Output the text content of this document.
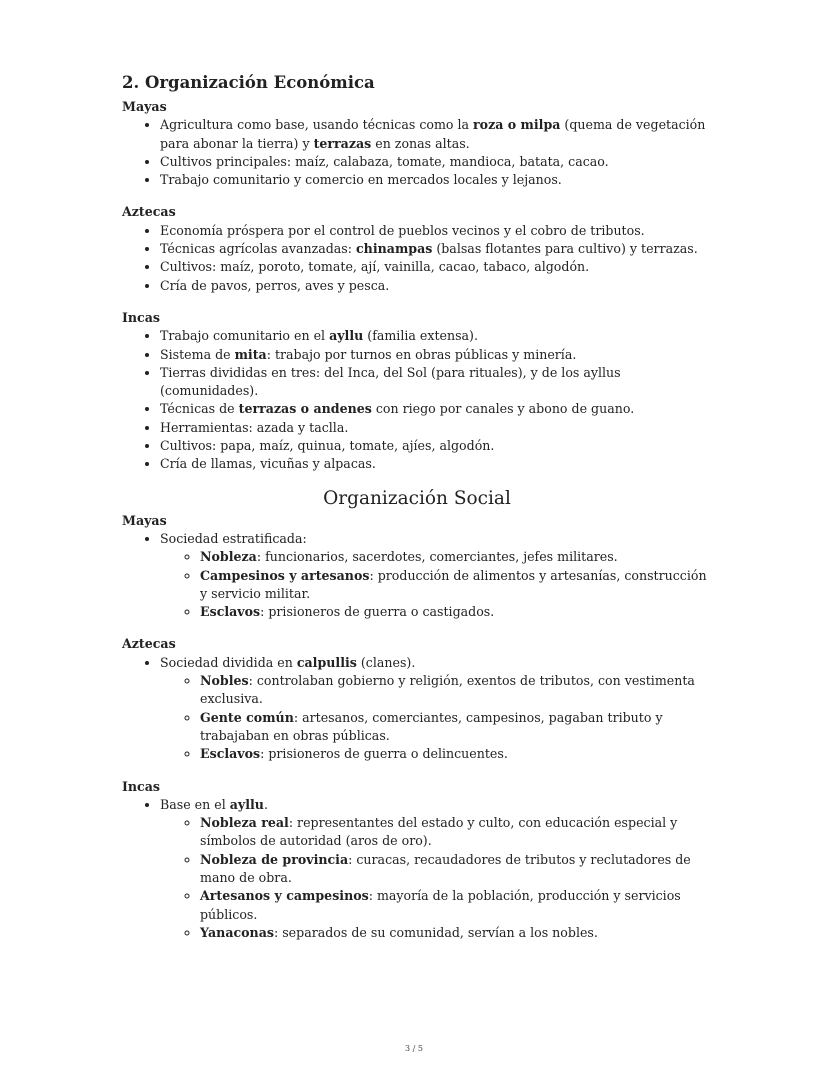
2. Organización Económica

Mayas

• Agricultura como base, usando técnicas como la roza o milpa (quema de vegetación para abonar la tierra) y terrazas en zonas altas.
• Cultivos principales: maíz, calabaza, tomate, mandioca, batata, cacao.
• Trabajo comunitario y comercio en mercados locales y lejanos.

Aztecas

• Economía próspera por el control de pueblos vecinos y el cobro de tributos.
• Técnicas agrícolas avanzadas: chinampas (balsas flotantes para cultivo) y terrazas.
• Cultivos: maíz, poroto, tomate, ají, vainilla, cacao, tabaco, algodón.
• Cría de pavos, perros, aves y pesca.

Incas

• Trabajo comunitario en el ayllu (familia extensa).
• Sistema de mita: trabajo por turnos en obras públicas y minería.
• Tierras divididas en tres: del Inca, del Sol (para rituales), y de los ayllus (comunidades).
• Técnicas de terrazas o andenes con riego por canales y abono de guano.
• Herramientas: azada y taclla.
• Cultivos: papa, maíz, quinua, tomate, ajíes, algodón.
• Cría de llamas, vicuñas y alpacas.
Organización Social

Mayas

• Sociedad estratificada:
◦ Nobleza: funcionarios, sacerdotes, comerciantes, jefes militares.
◦ Campesinos y artesanos: producción de alimentos y artesanías, construcción y servicio militar.
◦ Esclavos: prisioneros de guerra o castigados.

Aztecas

• Sociedad dividida en calpullis (clanes).
◦ Nobles: controlaban gobierno y religión, exentos de tributos, con vestimenta exclusiva.
◦ Gente común: artesanos, comerciantes, campesinos, pagaban tributo y trabajaban en obras públicas.
◦ Esclavos: prisioneros de guerra o delincuentes.

Incas

• Base en el ayllu.
◦ Nobleza real: representantes del estado y culto, con educación especial y símbolos de autoridad (aros de oro).
◦ Nobleza de provincia: curacas, recaudadores de tributos y reclutadores de mano de obra.
◦ Artesanos y campesinos: mayoría de la población, producción y servicios públicos.
◦ Yanaconas: separados de su comunidad, servían a los nobles.
3 / 5
